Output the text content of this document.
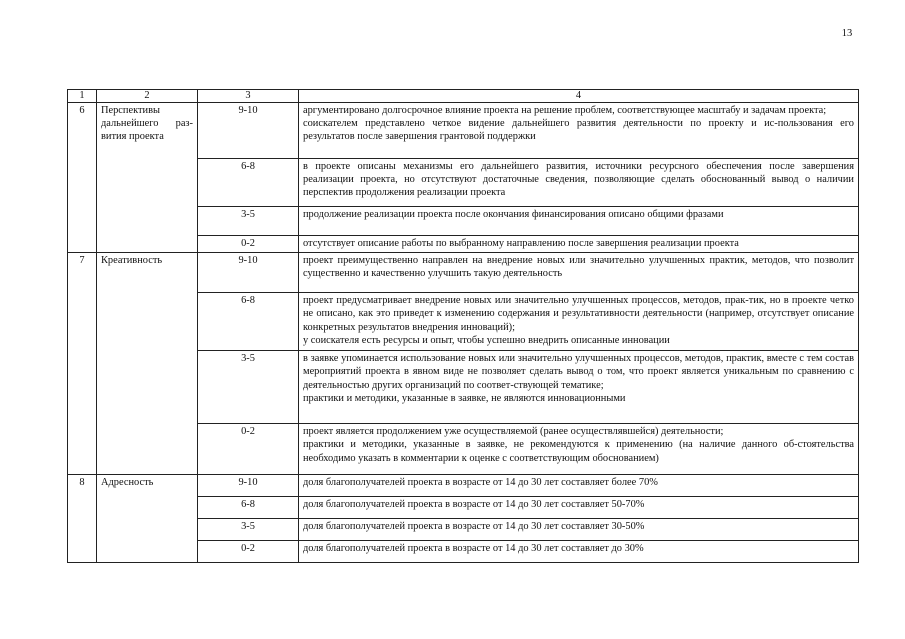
13
1	2	3	4
6	Перспективы дальнейшего раз-вития проекта	9-10	аргументировано долгосрочное влияние проекта на решение проблем, соответствующее масштабу и задачам проекта;
соискателем представлено четкое видение дальнейшего развития деятельности по проекту и ис-пользования его результатов после завершения грантовой поддержки

		6-8	в проекте описаны механизмы его дальнейшего развития, источники ресурсного обеспечения после завершения реализации проекта, но отсутствуют достаточные сведения, позволяющие сделать обоснованный вывод о наличии перспектив продолжения реализации проекта

		3-5	продолжение реализации проекта после окончания финансирования описано общими фразами

		0-2	отсутствует описание работы по выбранному направлению после завершения реализации проекта

7	Креативность	9-10	проект преимущественно направлен на внедрение новых или значительно улучшенных практик, методов, что позволит существенно и качественно улучшить такую деятельность

		6-8	проект предусматривает внедрение новых или значительно улучшенных процессов, методов, прак-тик, но в проекте четко не описано, как это приведет к изменению содержания и результативности деятельности (например, отсутствует описание конкретных результатов внедрения инноваций);
у соискателя есть ресурсы и опыт, чтобы успешно внедрить описанные инновации

		3-5	в заявке упоминается использование новых или значительно улучшенных процессов, методов, практик, вместе с тем состав мероприятий проекта в явном виде не позволяет сделать вывод о том, что проект является уникальным по сравнению с деятельностью других организаций по соответ-ствующей тематике;
практики и методики, указанные в заявке, не являются инновационными

		0-2	проект является продолжением уже осуществляемой (ранее осуществлявшейся) деятельности;
практики и методики, указанные в заявке, не рекомендуются к применению (на наличие данного об-стоятельства необходимо указать в комментарии к оценке с соответствующим обоснованием)

8	Адресность	9-10	доля благополучателей проекта в возрасте от 14 до 30 лет составляет более 70%

		6-8	доля благополучателей проекта в возрасте от 14 до 30 лет составляет 50-70%

		3-5	доля благополучателей проекта в возрасте от 14 до 30 лет составляет 30-50%

		0-2	доля благополучателей проекта в возрасте от 14 до 30 лет составляет до 30%
